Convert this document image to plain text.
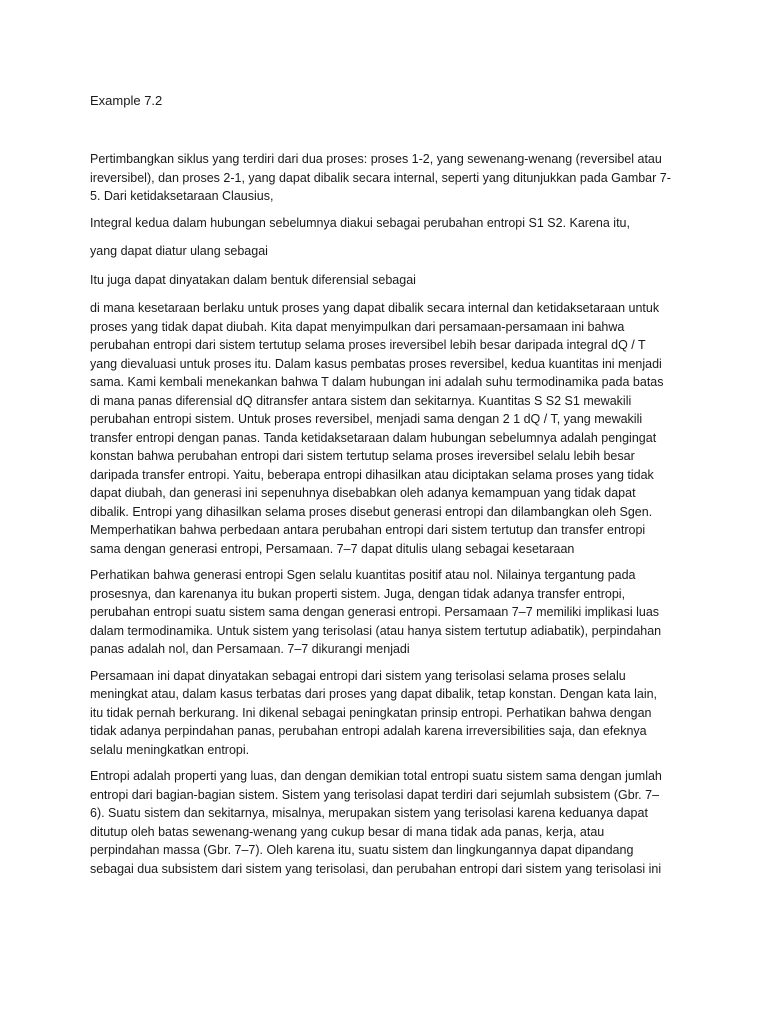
Example 7.2

Pertimbangkan siklus yang terdiri dari dua proses: proses 1-2, yang sewenang-wenang (reversibel atau
ireversibel), dan proses 2-1, yang dapat dibalik secara internal, seperti yang ditunjukkan pada Gambar 7-
5. Dari ketidaksetaraan Clausius,

Integral kedua dalam hubungan sebelumnya diakui sebagai perubahan entropi S1 S2. Karena itu,

yang dapat diatur ulang sebagai

Itu juga dapat dinyatakan dalam bentuk diferensial sebagai

di mana kesetaraan berlaku untuk proses yang dapat dibalik secara internal dan ketidaksetaraan untuk
proses yang tidak dapat diubah. Kita dapat menyimpulkan dari persamaan-persamaan ini bahwa
perubahan entropi dari sistem tertutup selama proses ireversibel lebih besar daripada integral dQ / T
yang dievaluasi untuk proses itu. Dalam kasus pembatas proses reversibel, kedua kuantitas ini menjadi
sama. Kami kembali menekankan bahwa T dalam hubungan ini adalah suhu termodinamika pada batas
di mana panas diferensial dQ ditransfer antara sistem dan sekitarnya. Kuantitas S S2 S1 mewakili
perubahan entropi sistem. Untuk proses reversibel, menjadi sama dengan 2 1 dQ / T, yang mewakili
transfer entropi dengan panas. Tanda ketidaksetaraan dalam hubungan sebelumnya adalah pengingat
konstan bahwa perubahan entropi dari sistem tertutup selama proses ireversibel selalu lebih besar
daripada transfer entropi. Yaitu, beberapa entropi dihasilkan atau diciptakan selama proses yang tidak
dapat diubah, dan generasi ini sepenuhnya disebabkan oleh adanya kemampuan yang tidak dapat
dibalik. Entropi yang dihasilkan selama proses disebut generasi entropi dan dilambangkan oleh Sgen.
Memperhatikan bahwa perbedaan antara perubahan entropi dari sistem tertutup dan transfer entropi
sama dengan generasi entropi, Persamaan. 7–7 dapat ditulis ulang sebagai kesetaraan

Perhatikan bahwa generasi entropi Sgen selalu kuantitas positif atau nol. Nilainya tergantung pada
prosesnya, dan karenanya itu bukan properti sistem. Juga, dengan tidak adanya transfer entropi,
perubahan entropi suatu sistem sama dengan generasi entropi. Persamaan 7–7 memiliki implikasi luas
dalam termodinamika. Untuk sistem yang terisolasi (atau hanya sistem tertutup adiabatik), perpindahan
panas adalah nol, dan Persamaan. 7–7 dikurangi menjadi

Persamaan ini dapat dinyatakan sebagai entropi dari sistem yang terisolasi selama proses selalu
meningkat atau, dalam kasus terbatas dari proses yang dapat dibalik, tetap konstan. Dengan kata lain,
itu tidak pernah berkurang. Ini dikenal sebagai peningkatan prinsip entropi. Perhatikan bahwa dengan
tidak adanya perpindahan panas, perubahan entropi adalah karena irreversibilities saja, dan efeknya
selalu meningkatkan entropi.

Entropi adalah properti yang luas, dan dengan demikian total entropi suatu sistem sama dengan jumlah
entropi dari bagian-bagian sistem. Sistem yang terisolasi dapat terdiri dari sejumlah subsistem (Gbr. 7–
6). Suatu sistem dan sekitarnya, misalnya, merupakan sistem yang terisolasi karena keduanya dapat
ditutup oleh batas sewenang-wenang yang cukup besar di mana tidak ada panas, kerja, atau
perpindahan massa (Gbr. 7–7). Oleh karena itu, suatu sistem dan lingkungannya dapat dipandang
sebagai dua subsistem dari sistem yang terisolasi, dan perubahan entropi dari sistem yang terisolasi ini
